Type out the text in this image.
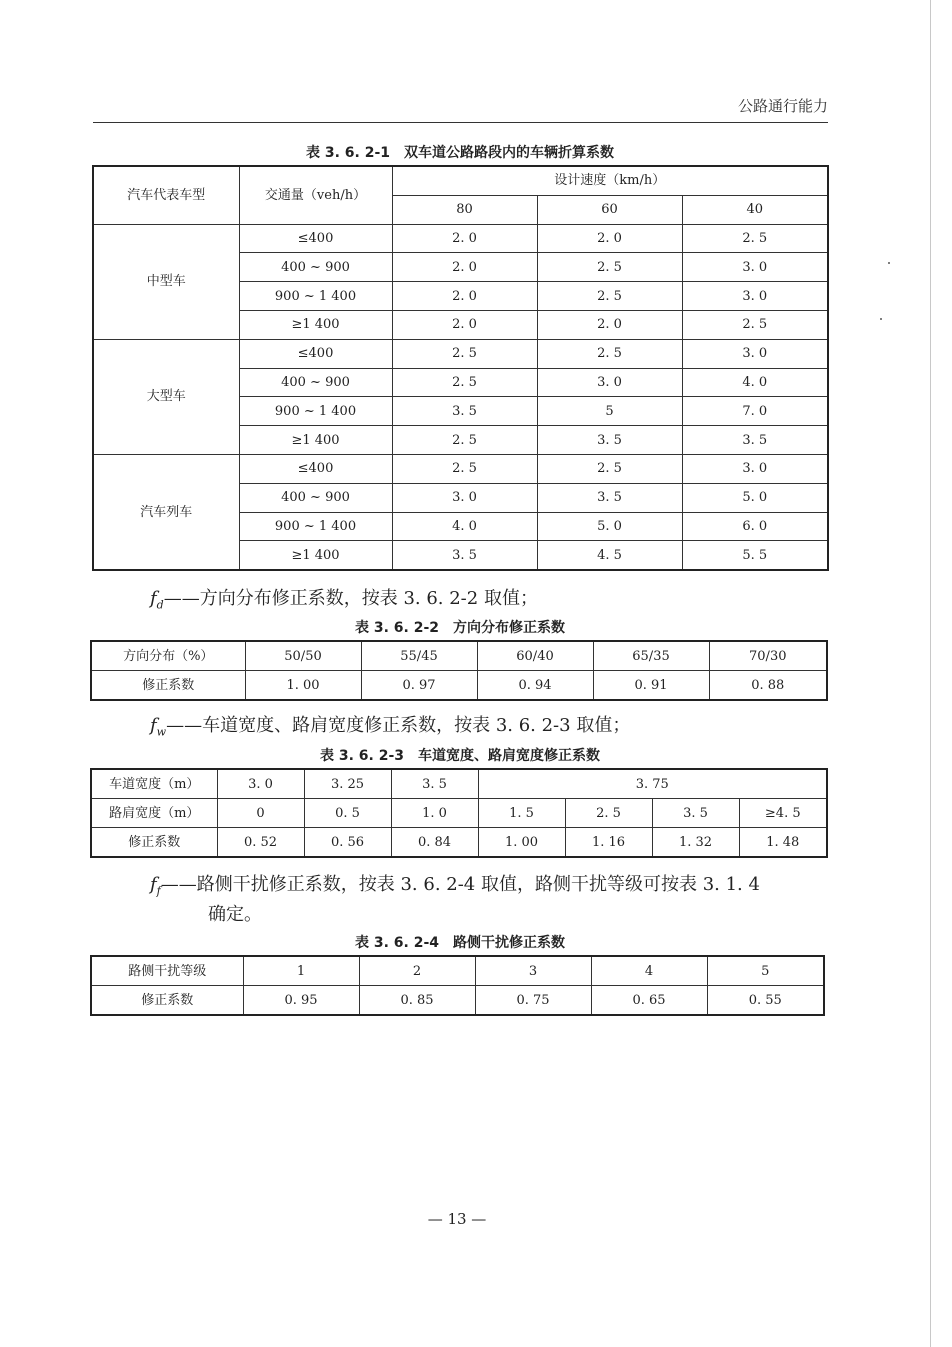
公路通行能力
表 3. 6. 2-1　双车道公路路段内的车辆折算系数
汽车代表车型	交通量（veh/h）	设计速度（km/h）		
		80	60	40
中型车	≤400	2. 0	2. 0	2. 5
	400 ~ 900	2. 0	2. 5	3. 0
	900 ~ 1 400	2. 0	2. 5	3. 0
	≥1 400	2. 0	2. 0	2. 5
大型车	≤400	2. 5	2. 5	3. 0
	400 ~ 900	2. 5	3. 0	4. 0
	900 ~ 1 400	3. 5	5	7. 0
	≥1 400	2. 5	3. 5	3. 5
汽车列车	≤400	2. 5	2. 5	3. 0
	400 ~ 900	3. 0	3. 5	5. 0
	900 ~ 1 400	4. 0	5. 0	6. 0
	≥1 400	3. 5	4. 5	5. 5
$f_d——$方向分布修正系数，按表 3. 6. 2-2 取值；
表 3. 6. 2-2　方向分布修正系数
方向分布（%）	50/50	55/45	60/40	65/35	70/30
修正系数	1. 00	0. 97	0. 94	0. 91	0. 88
$f_w——$车道宽度、路肩宽度修正系数，按表 3. 6. 2-3 取值；
表 3. 6. 2-3　车道宽度、路肩宽度修正系数
车道宽度（m）	3. 0	3. 25	3. 5	3. 75			
路肩宽度（m）	0	0. 5	1. 0	1. 5	2. 5	3. 5	≥4. 5
修正系数	0. 52	0. 56	0. 84	1. 00	1. 16	1. 32	1. 48
$f_f——$路侧干扰修正系数，按表 3. 6. 2-4 取值，路侧干扰等级可按表 3. 1. 4
确定。
表 3. 6. 2-4　路侧干扰修正系数
路侧干扰等级	1	2	3	4	5
修正系数	0. 95	0. 85	0. 75	0. 65	0. 55
— 13 —
